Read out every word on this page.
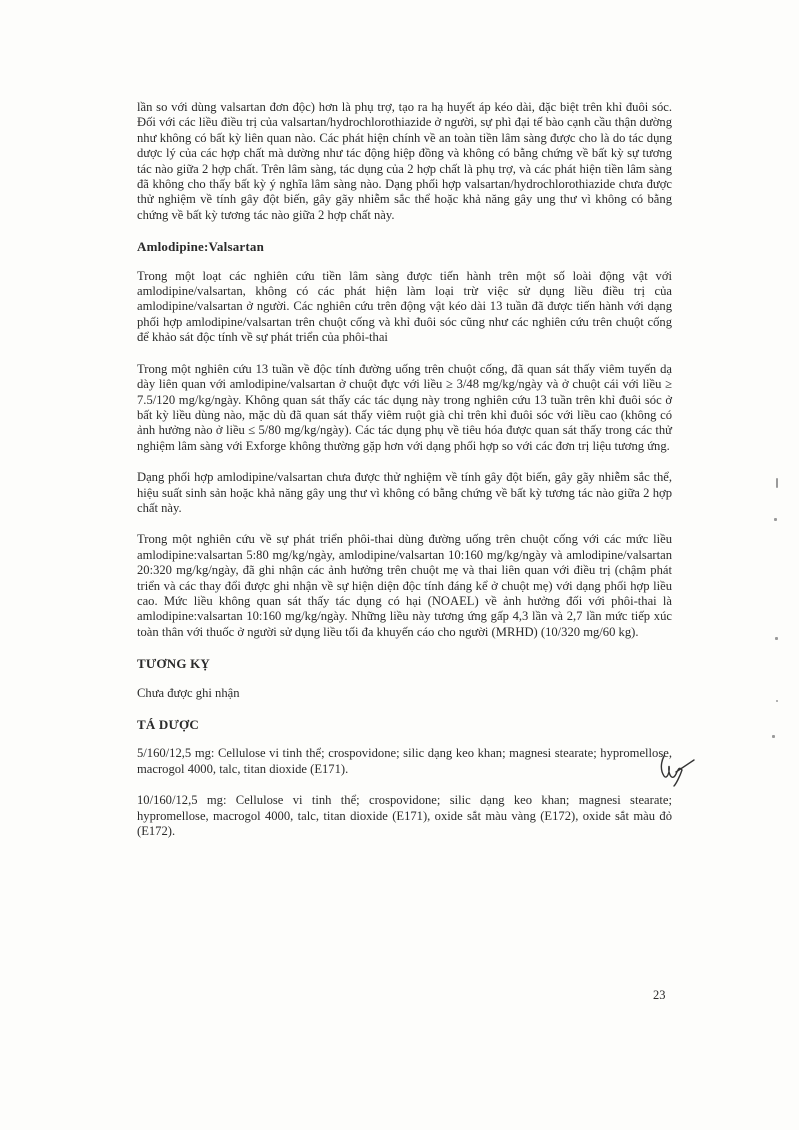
lần so với dùng valsartan đơn độc) hơn là phụ trợ, tạo ra hạ huyết áp kéo dài, đặc biệt trên khỉ đuôi sóc. Đối với các liều điều trị của valsartan/hydrochlorothiazide ở người, sự phì đại tế bào cạnh cầu thận dường như không có bất kỳ liên quan nào. Các phát hiện chính về an toàn tiền lâm sàng được cho là do tác dụng dược lý của các hợp chất mà dường như tác động hiệp đồng và không có bằng chứng về bất kỳ sự tương tác nào giữa 2 hợp chất. Trên lâm sàng, tác dụng của 2 hợp chất là phụ trợ, và các phát hiện tiền lâm sàng đã không cho thấy bất kỳ ý nghĩa lâm sàng nào. Dạng phối hợp valsartan/hydrochlorothiazide chưa được thử nghiệm về tính gây đột biến, gây gãy nhiễm sắc thể hoặc khả năng gây ung thư vì không có bằng chứng về bất kỳ tương tác nào giữa 2 hợp chất này.

Amlodipine:Valsartan

Trong một loạt các nghiên cứu tiền lâm sàng được tiến hành trên một số loài động vật với amlodipine/valsartan, không có các phát hiện làm loại trừ việc sử dụng liều điều trị của amlodipine/valsartan ở người. Các nghiên cứu trên động vật kéo dài 13 tuần đã được tiến hành với dạng phối hợp amlodipine/valsartan trên chuột cống và khỉ đuôi sóc cũng như các nghiên cứu trên chuột cống để khảo sát độc tính về sự phát triển của phôi-thai

Trong một nghiên cứu 13 tuần về độc tính đường uống trên chuột cống, đã quan sát thấy viêm tuyến dạ dày liên quan với amlodipine/valsartan ở chuột đực với liều ≥ 3/48 mg/kg/ngày và ở chuột cái với liều ≥ 7.5/120 mg/kg/ngày. Không quan sát thấy các tác dụng này trong nghiên cứu 13 tuần trên khỉ đuôi sóc ở bất kỳ liều dùng nào, mặc dù đã quan sát thấy viêm ruột già chỉ trên khỉ đuôi sóc với liều cao (không có ảnh hưởng nào ở liều ≤ 5/80 mg/kg/ngày). Các tác dụng phụ về tiêu hóa được quan sát thấy trong các thử nghiệm lâm sàng với Exforge không thường gặp hơn với dạng phối hợp so với các đơn trị liệu tương ứng.

Dạng phối hợp amlodipine/valsartan chưa được thử nghiệm về tính gây đột biến, gây gãy nhiễm sắc thể, hiệu suất sinh sản hoặc khả năng gây ung thư vì không có bằng chứng về bất kỳ tương tác nào giữa 2 hợp chất này.

Trong một nghiên cứu về sự phát triển phôi-thai dùng đường uống trên chuột cống với các mức liều amlodipine:valsartan 5:80 mg/kg/ngày, amlodipine/valsartan 10:160 mg/kg/ngày và amlodipine/valsartan 20:320 mg/kg/ngày, đã ghi nhận các ảnh hưởng trên chuột mẹ và thai liên quan với điều trị (chậm phát triển và các thay đổi được ghi nhận về sự hiện diện độc tính đáng kể ở chuột mẹ) với dạng phối hợp liều cao. Mức liều không quan sát thấy tác dụng có hại (NOAEL) về ảnh hưởng đối với phôi-thai là amlodipine:valsartan 10:160 mg/kg/ngày. Những liều này tương ứng gấp 4,3 lần và 2,7 lần mức tiếp xúc toàn thân với thuốc ở người sử dụng liều tối đa khuyến cáo cho người (MRHD) (10/320 mg/60 kg).

TƯƠNG KỴ

Chưa được ghi nhận

TÁ DƯỢC

5/160/12,5 mg: Cellulose vi tinh thể; crospovidone; silic dạng keo khan; magnesi stearate; hypromellose, macrogol 4000, talc, titan dioxide (E171).

10/160/12,5 mg: Cellulose vi tinh thể; crospovidone; silic dạng keo khan; magnesi stearate; hypromellose, macrogol 4000, talc, titan dioxide (E171), oxide sắt màu vàng (E172), oxide sắt màu đỏ (E172).

23
